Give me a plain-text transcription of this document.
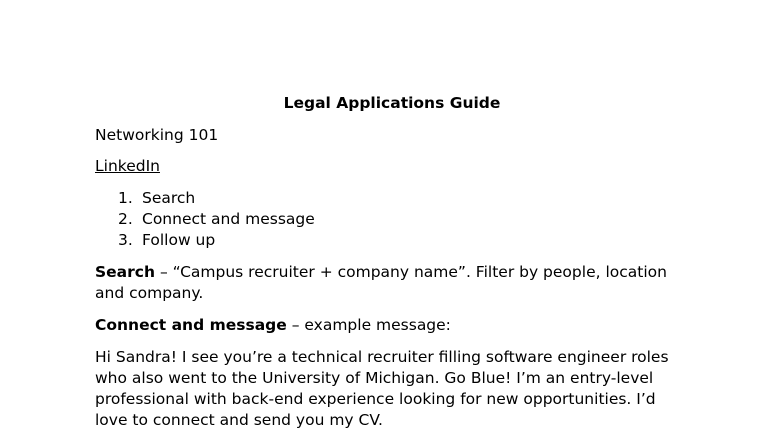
Legal Applications Guide
Networking 101
LinkedIn
1. Search
2. Connect and message
3. Follow up
Search – “Campus recruiter + company name”. Filter by people, location
and company.
Connect and message – example message:
Hi Sandra! I see you’re a technical recruiter filling software engineer roles
who also went to the University of Michigan. Go Blue! I’m an entry-level
professional with back-end experience looking for new opportunities. I’d
love to connect and send you my CV.
